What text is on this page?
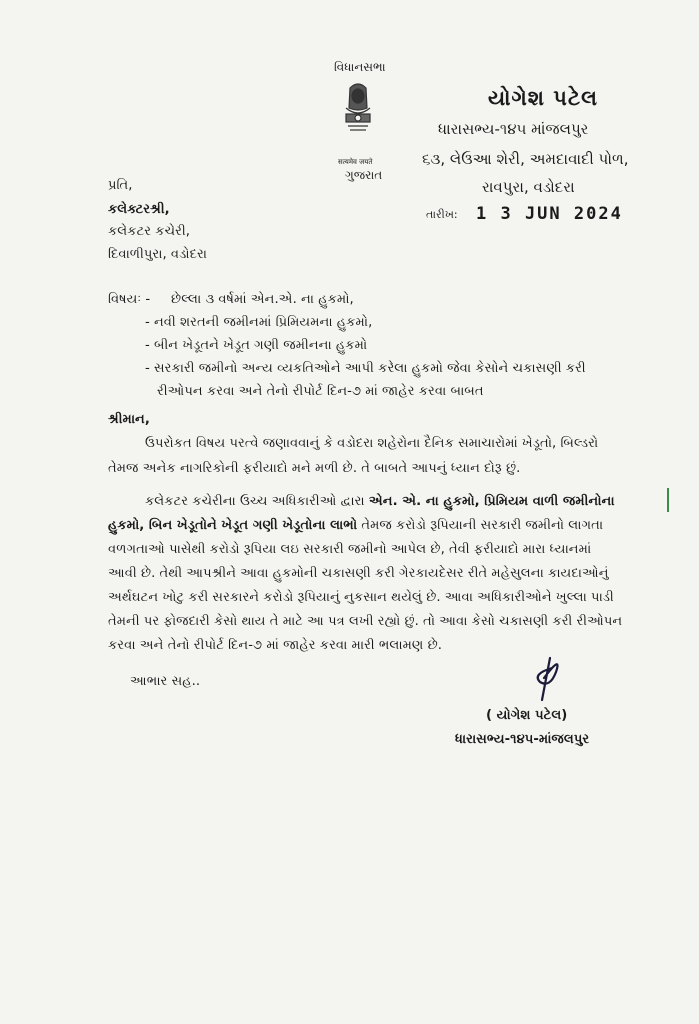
વિધાનસભા
सत्यमेव जयते
ગુજરાત
યોગેશ પટેલ
ધારાસભ્ય-૧૪૫ માંજલપુર
૬૩, લેઉઆ શેરી, અમદાવાદી પોળ,
રાવપુરા, વડોદરા
તારીખ: 1 3 JUN 2024
પ્રતિ,
કલેક્ટરશ્રી,
કલેકટર કચેરી,
દિવાળીપુરા, વડોદરા
વિષયઃ - છેલ્લા ૩ વર્ષમાં એન.એ. ના હુકમો,
- નવી શરતની જમીનમાં પ્રિમિયમના હુકમો,
- બીન ખેડૂતને ખેડૂત ગણી જમીનના હુકમો
- સરકારી જમીનો અન્ય વ્યકતિઓને આપી કરેલા હુકમો જેવા કેસોને ચકાસણી કરી
રીઓપન કરવા અને તેનો રીપોર્ટ દિન-૭ માં જાહેર કરવા બાબત
શ્રીમાન,
ઉપરોકત વિષય પરત્વે જણાવવાનું કે વડોદરા શહેરોના દૈનિક સમાચારોમાં ખેડૂતો, બિલ્ડરો
તેમજ અનેક નાગરિકોની ફરીયાદો મને મળી છે. તે બાબતે આપનું ધ્યાન દોરૂ છું.
કલેકટર કચેરીના ઉચ્ચ અધિકારીઓ દ્વારા એન. એ. ના હુકમો, પ્રિમિયમ વાળી જમીનોના
હુકમો, બિન ખેડૂતોને ખેડૂત ગણી ખેડૂતોના લાભો તેમજ કરોડો રૂપિયાની સરકારી જમીનો લાગતા
વળગતાઓ પાસેથી કરોડો રૂપિયા લઇ સરકારી જમીનો આપેલ છે, તેવી ફરીયાદો મારા ધ્યાનમાં
આવી છે. તેથી આપશ્રીને આવા હુકમોની ચકાસણી કરી ગેરકાયદેસર રીતે મહેસુલના કાયદાઓનું
અર્થઘટન ખોટુ કરી સરકારને કરોડો રૂપિયાનું નુકસાન થયેલું છે. આવા અધિકારીઓને ખુલ્લા પાડી
તેમની પર ફોજદારી કેસો થાય તે માટે આ પત્ર લખી રહ્યો છું. તો આવા કેસો ચકાસણી કરી રીઓપન
કરવા અને તેનો રીપોર્ટ દિન-૭ માં જાહેર કરવા મારી ભલામણ છે.
આભાર સહ..
( યોગેશ પટેલ)
ધારાસભ્ય-૧૪૫-માંજલપુર
